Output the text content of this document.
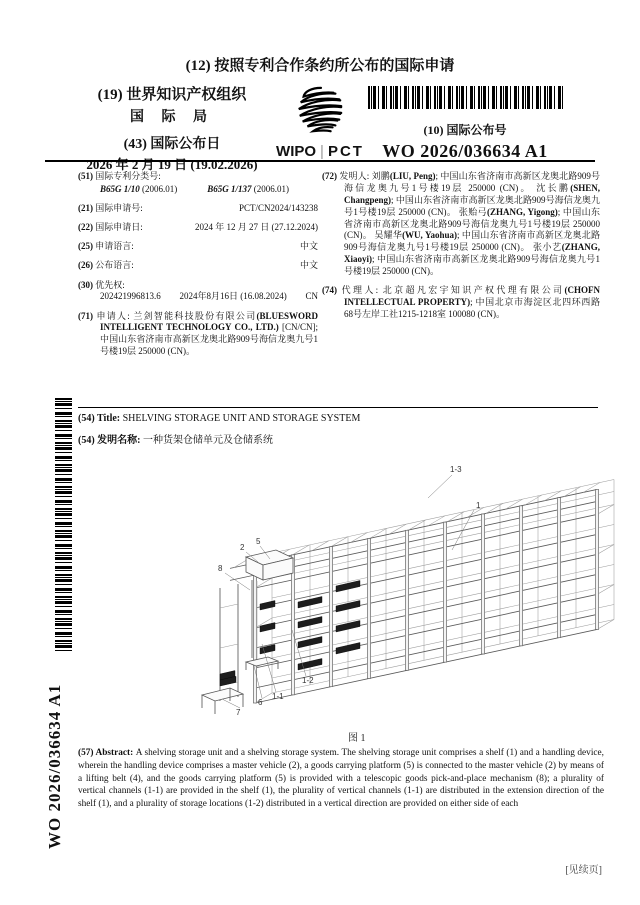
(12) 按照专利合作条约所公布的国际申请
(19) 世界知识产权组织
国 际 局
(43) 国际公布日
2026 年 2 月 19 日 (19.02.2026)
WIPO | PCT
(10) 国际公布号
WO 2026/036634 A1
(51) 国际专利分类号:
B65G 1/10 (2006.01)	B65G 1/137 (2006.01)
(21) 国际申请号:	PCT/CN2024/143238
(22) 国际申请日:	2024 年 12 月 27 日 (27.12.2024)
(25) 申请语言:	中文
(26) 公布语言:	中文
(30) 优先权:
202421996813.6 2024年8月16日 (16.08.2024) CN
(71) 申请人: 兰剑智能科技股份有限公司(BLUESWORD INTELLIGENT TECHNOLOGY CO., LTD.) [CN/CN]; 中国山东省济南市高新区龙奥北路909号海信龙奥九号1号楼19层 250000 (CN)。
(72) 发明人: 刘鹏(LIU, Peng); 中国山东省济南市高新区龙奥北路909号海信龙奥九号1号楼19层 250000 (CN)。 沈长鹏(SHEN, Changpeng); 中国山东省济南市高新区龙奥北路909号海信龙奥九号1号楼19层 250000 (CN)。 张贻弓(ZHANG, Yigong); 中国山东省济南市高新区龙奥北路909号海信龙奥九号1号楼19层 250000 (CN)。 吴耀华(WU, Yaohua); 中国山东省济南市高新区龙奥北路909号海信龙奥九号1号楼19层 250000 (CN)。 张小艺(ZHANG, Xiaoyi); 中国山东省济南市高新区龙奥北路909号海信龙奥九号1号楼19层 250000 (CN)。
(74) 代理人: 北京超凡宏宇知识产权代理有限公司(CHOFN INTELLECTUAL PROPERTY); 中国北京市海淀区北四环西路68号左岸工社1215-1218室 100080 (CN)。
(54) Title: SHELVING STORAGE UNIT AND STORAGE SYSTEM
(54) 发明名称: 一种货架仓储单元及仓储系统
1-3
1
2
5
8
1-2
1-1
6
7
图 1
(57) Abstract: A shelving storage unit and a shelving storage system. The shelving storage unit comprises a shelf (1) and a handling device, wherein the handling device comprises a master vehicle (2), a goods carrying platform (5) is connected to the master vehicle (2) by means of a lifting belt (4), and the goods carrying platform (5) is provided with a telescopic goods pick-and-place mechanism (8); a plurality of vertical channels (1-1) are provided in the shelf (1), the plurality of vertical channels (1-1) are distributed in the extension direction of the shelf (1), and a plurality of storage locations (1-2) distributed in a vertical direction are provided on either side of each
[见续页]
WO 2026/036634 A1
